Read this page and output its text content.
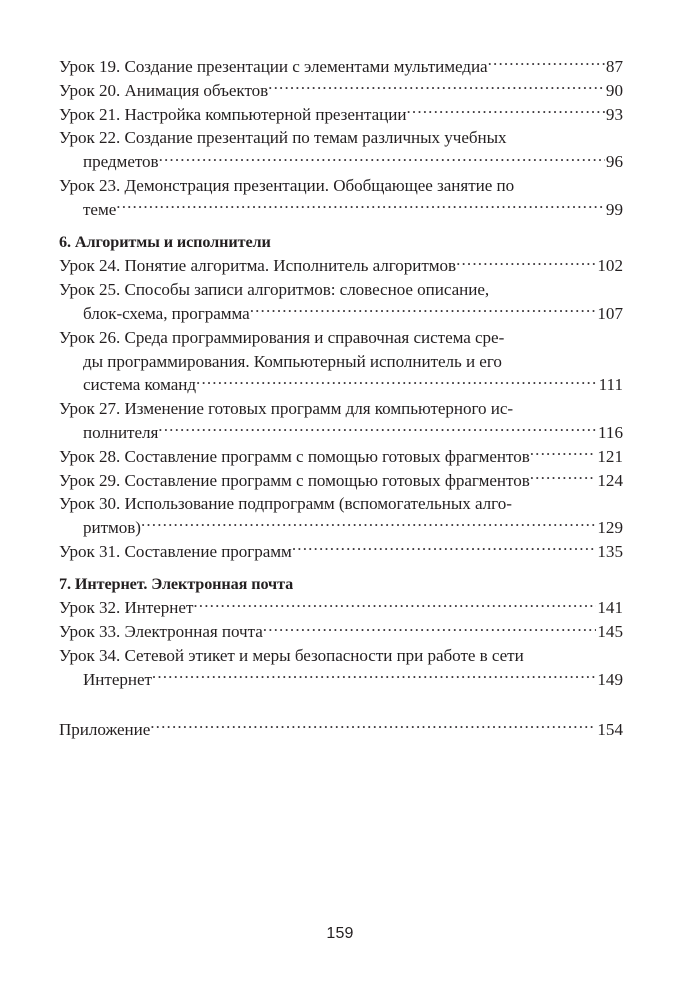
Урок 19. Создание презентации с элементами мультимедиа .....	87
Урок 20. Анимация объектов .....	90
Урок 21. Настройка компьютерной презентации .....	93
Урок 22. Создание презентаций по темам различных учебных
предметов .....	96
Урок 23. Демонстрация презентации. Обобщающее занятие по
теме .....	99
6. Алгоритмы и исполнители
Урок 24. Понятие алгоритма. Исполнитель алгоритмов .....	102
Урок 25. Способы записи алгоритмов: словесное описание,
блок-схема, программа .....	107
Урок 26. Среда программирования и справочная система сре-
ды программирования. Компьютерный исполнитель и его
система команд .....	111
Урок 27. Изменение готовых программ для компьютерного ис-
полнителя .....	116
Урок 28. Составление программ с помощью готовых фрагментов .....	121
Урок 29. Составление программ с помощью готовых фрагментов .....	124
Урок 30. Использование подпрограмм (вспомогательных алго-
ритмов) .....	129
Урок 31. Составление программ .....	135
7. Интернет. Электронная почта
Урок 32. Интернет .....	141
Урок 33. Электронная почта .....	145
Урок 34. Сетевой этикет и меры безопасности при работе в сети
Интернет .....	149
Приложение .....	154
159
